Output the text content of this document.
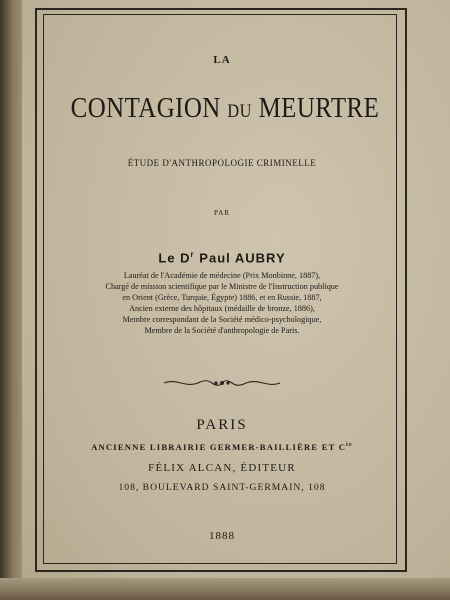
LA
CONTAGION DU MEURTRE
ÉTUDE D'ANTHROPOLOGIE CRIMINELLE
PAR
Le $D^r$ Paul AUBRY
Lauréat de l'Académie de médecine (Prix Monbinne, 1887),
Chargé de mission scientifique par le Ministre de l'Instruction publique
en Orient (Grèce, Turquie, Égypte) 1886, et en Russie, 1887,
Ancien externe des hôpitaux (médaille de bronze, 1886),
Membre correspondant de la Société médico-psychologique,
Membre de la Société d'anthropologie de Paris.
PARIS
ANCIENNE LIBRAIRIE GERMER-BAILLIÈRE ET $C^{ie}$
FÉLIX ALCAN, ÉDITEUR
108, BOULEVARD SAINT-GERMAIN, 108
1888
